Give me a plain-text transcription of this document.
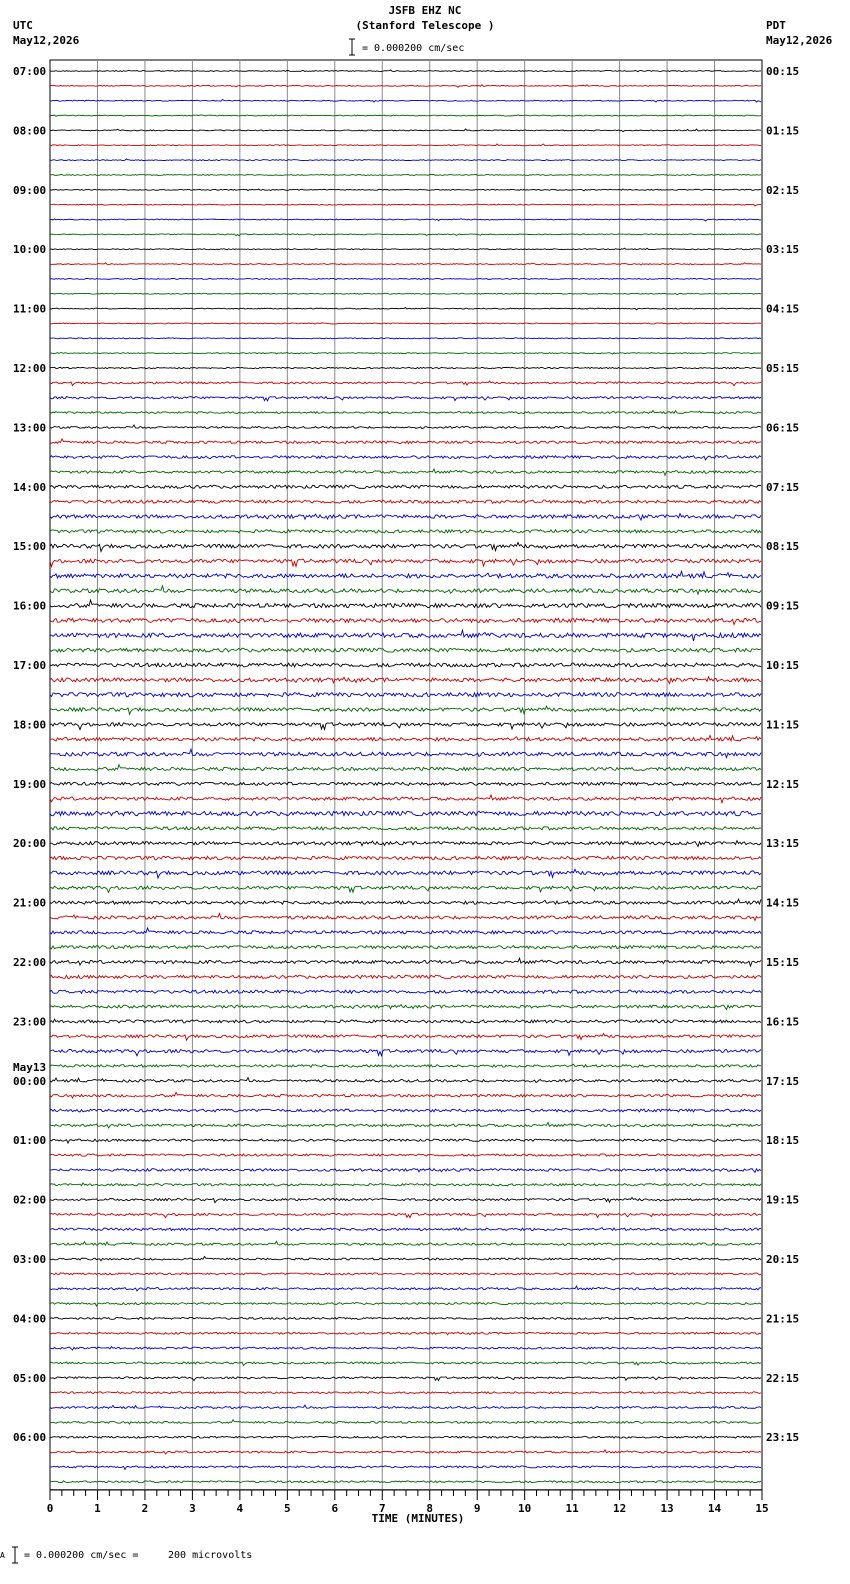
JSFB EHZ NC
(Stanford Telescope )
UTC
May12,2026
PDT
May12,2026
= 0.000200 cm/sec
07:00
08:00
09:00
10:00
11:00
12:00
13:00
14:00
15:00
16:00
17:00
18:00
19:00
20:00
21:00
22:00
23:00
00:00
May13
01:00
02:00
03:00
04:00
05:00
06:00
00:15
01:15
02:15
03:15
04:15
05:15
06:15
07:15
08:15
09:15
10:15
11:15
12:15
13:15
14:15
15:15
16:15
17:15
18:15
19:15
20:15
21:15
22:15
23:15
0	1	2	3	4	5	6	7	8	9	10	11	12	13	14	15
TIME (MINUTES)
A = 0.000200 cm/sec =	200 microvolts
